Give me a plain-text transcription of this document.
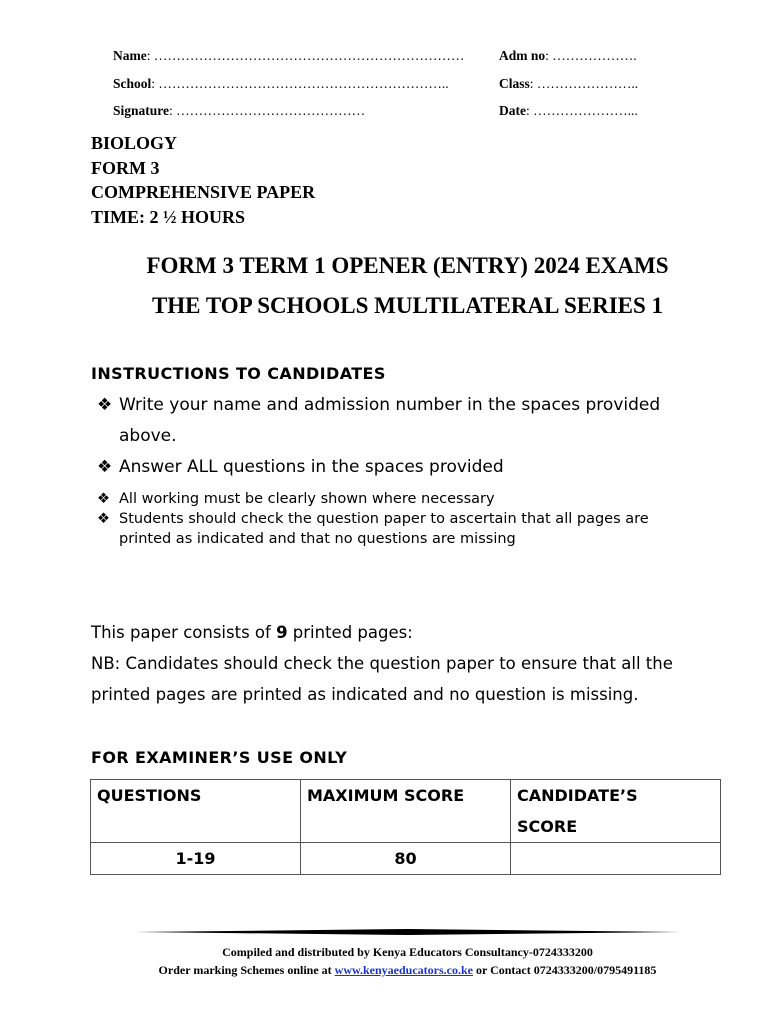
Name: ……………………………………………………………	Adm no: ……………….
School: ………………………………………………………..	Class: …………………..
Signature: ……………………………………	Date: …………………...
BIOLOGY
FORM 3
COMPREHENSIVE PAPER
TIME: 2 ½ HOURS
FORM 3 TERM 1 OPENER (ENTRY) 2024 EXAMS
THE TOP SCHOOLS MULTILATERAL SERIES 1
INSTRUCTIONS TO CANDIDATES
❖ Write your name and admission number in the spaces provided
above.
❖ Answer ALL questions in the spaces provided
❖ All working must be clearly shown where necessary
❖ Students should check the question paper to ascertain that all pages are
printed as indicated and that no questions are missing
This paper consists of 9 printed pages:
NB: Candidates should check the question paper to ensure that all the
printed pages are printed as indicated and no question is missing.
FOR EXAMINER’S USE ONLY
QUESTIONS	MAXIMUM SCORE	CANDIDATE’S
SCORE
1-19	80	
Compiled and distributed by Kenya Educators Consultancy-0724333200
Order marking Schemes online at www.kenyaeducators.co.ke or Contact 0724333200/0795491185
